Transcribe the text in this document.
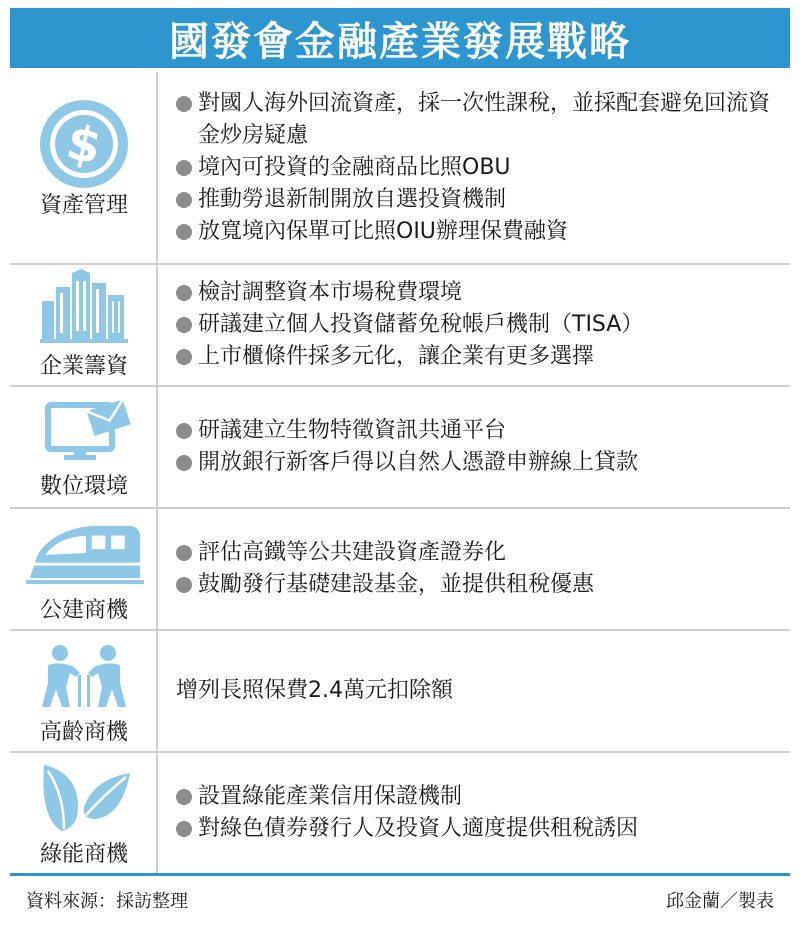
國發會金融產業發展戰略
$
資產管理
對國人海外回流資產，採一次性課稅，並採配套避免回流資金炒房疑慮
境內可投資的金融商品比照OBU
推動勞退新制開放自選投資機制
放寬境內保單可比照OIU辦理保費融資
企業籌資
檢討調整資本市場稅費環境
研議建立個人投資儲蓄免稅帳戶機制（TISA）
上市櫃條件採多元化，讓企業有更多選擇
數位環境
研議建立生物特徵資訊共通平台
開放銀行新客戶得以自然人憑證申辦線上貸款
公建商機
評估高鐵等公共建設資產證券化
鼓勵發行基礎建設基金，並提供租稅優惠
高齡商機
增列長照保費2.4萬元扣除額
綠能商機
設置綠能產業信用保證機制
對綠色債券發行人及投資人適度提供租稅誘因
資料來源：採訪整理	邱金蘭／製表
